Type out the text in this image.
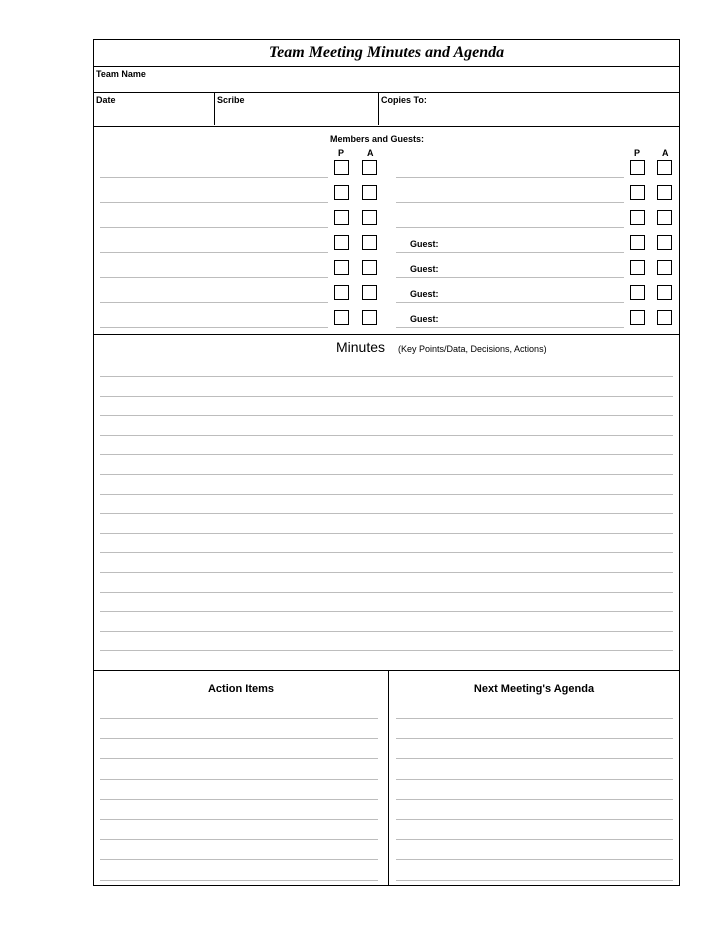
Team Meeting Minutes and Agenda
Team Name
Date	Scribe	Copies To:
Members and Guests:
P	A	P A
Guest:
Guest:
Guest:
Guest:
Minutes (Key Points/Data, Decisions, Actions)
Action Items	Next Meeting's Agenda
